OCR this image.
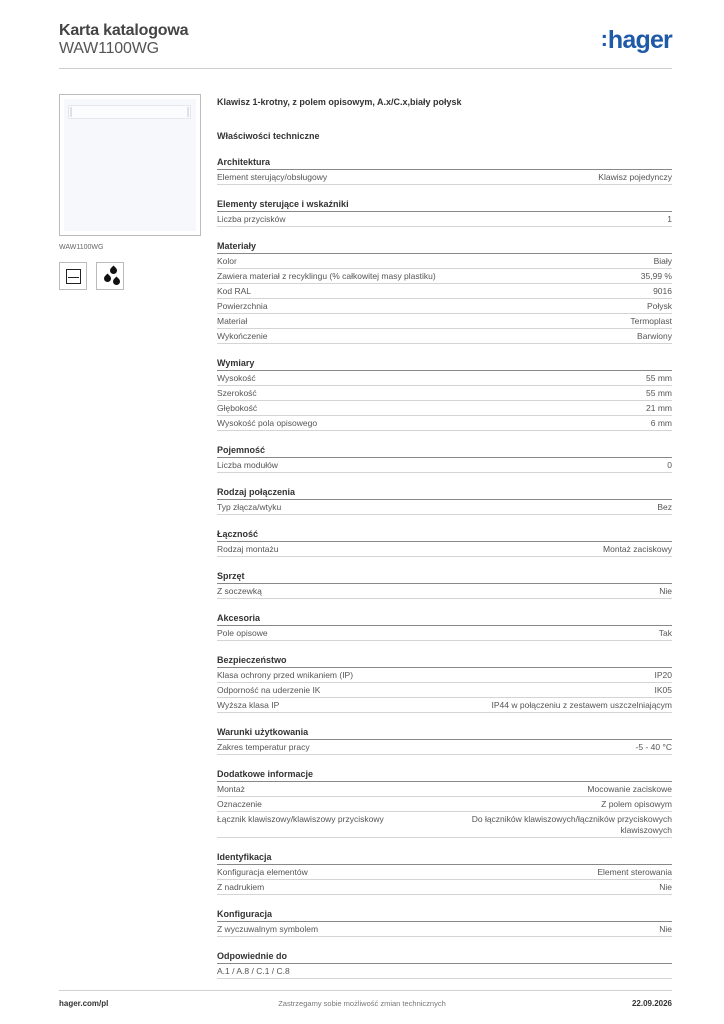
Karta katalogowa
WAW1100WG	:hager
WAW1100WG
Klawisz 1-krotny, z polem opisowym, A.x/C.x,biały połysk
Właściwości techniczne
Architektura
Element sterujący/obsługowy	Klawisz pojedynczy
Elementy sterujące i wskaźniki
Liczba przycisków	1
Materiały
Kolor	Biały
Zawiera materiał z recyklingu (% całkowitej masy plastiku)	35,99 %
Kod RAL	9016
Powierzchnia	Połysk
Materiał	Termoplast
Wykończenie	Barwiony
Wymiary
Wysokość	55 mm
Szerokość	55 mm
Głębokość	21 mm
Wysokość pola opisowego	6 mm
Pojemność
Liczba modułów	0
Rodzaj połączenia
Typ złącza/wtyku	Bez
Łączność
Rodzaj montażu	Montaż zaciskowy
Sprzęt
Z soczewką	Nie
Akcesoria
Pole opisowe	Tak
Bezpieczeństwo
Klasa ochrony przed wnikaniem (IP)	IP20
Odporność na uderzenie IK	IK05
Wyższa klasa IP	IP44 w połączeniu z zestawem uszczelniającym
Warunki użytkowania
Zakres temperatur pracy	-5 - 40 °C
Dodatkowe informacje
Montaż	Mocowanie zaciskowe
Oznaczenie	Z polem opisowym
Łącznik klawiszowy/klawiszowy przyciskowy	Do łączników klawiszowych/łączników przyciskowych klawiszowych
Identyfikacja
Konfiguracja elementów	Element sterowania
Z nadrukiem	Nie
Konfiguracja
Z wyczuwalnym symbolem	Nie
Odpowiednie do
A.1 / A.8 / C.1 / C.8
hager.com/pl	Zastrzegamy sobie możliwość zmian technicznych	22.09.2026
